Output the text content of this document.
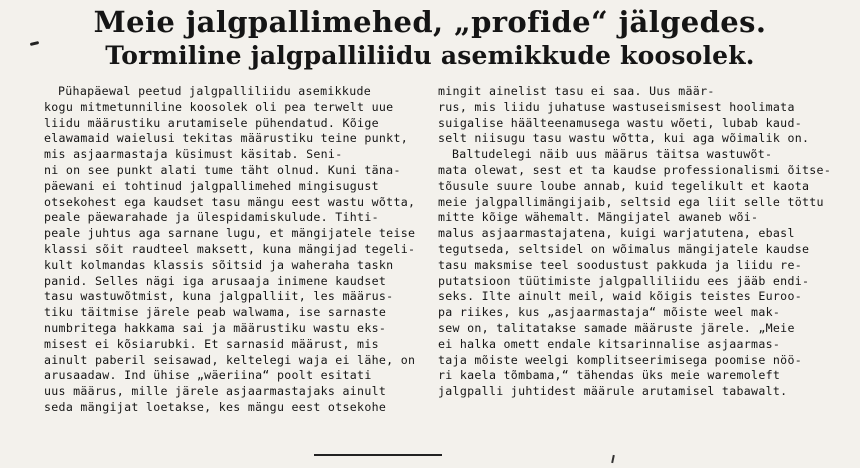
Meie jalgpallimehed, „profide“ jälgedes.
Tormiline jalgpalliliidu asemikkude koosolek.
Pühapäewal peetud jalgpalliliidu asemikkude
kogu mitmetunniline koosolek oli pea terwelt uue
liidu määrustiku arutamisele pühendatud. Kõige
elawamaid waielusi tekitas määrustiku teine punkt,
mis asjaarmastaja küsimust käsitab. Seni-
ni on see punkt alati tume täht olnud. Kuni täna-
päewani ei tohtinud jalgpallimehed mingisugust
otsekohest ega kaudset tasu mängu eest wastu wõtta,
peale päewarahade ja ülespidamiskulude. Tihti-
peale juhtus aga sarnane lugu, et mängijatele teise
klassi sõit raudteel maksett, kuna mängijad tegeli-
kult kolmandas klassis sõitsid ja waheraha taskn
panid. Selles nägi iga arusaaja inimene kaudset
tasu wastuwõtmist, kuna jalgpalliit, les määrus-
tiku täitmise järele peab walwama, ise sarnaste
numbritega hakkama sai ja määrustiku wastu eks-
misest ei kõsiarubki. Et sarnasid määrust, mis
ainult paberil seisawad, keltelegi waja ei lähe, on
arusaadaw. Ind ühise „wäeriina“ poolt esitati
uus määrus, mille järele asjaarmastajaks ainult
seda mängijat loetakse, kes mängu eest otsekohe
mingit ainelist tasu ei saa. Uus määr-
rus, mis liidu juhatuse wastuseismisest hoolimata
suigalise häälteenamusega wastu wõeti, lubab kaud-
selt niisugu tasu wastu wõtta, kui aga wõimalik on.
Baltudelegi näib uus määrus täitsa wastuwõt-
mata olewat, sest et ta kaudse professionalismi õitse-
tõusule suure loube annab, kuid tegelikult et kaota
meie jalgpallimängijaib, seltsid ega liit selle töttu
mitte kõige wähemalt. Mängijatel awaneb wõi-
malus asjaarmastajatena, kuigi warjatutena, ebasl
tegutseda, seltsidel on wõimalus mängijatele kaudse
tasu maksmise teel soodustust pakkuda ja liidu re-
putatsioon tüütimiste jalgpalliliidu ees jääb endi-
seks. Ilte ainult meil, waid kõigis teistes Euroo-
pa riikes, kus „asjaarmastaja“ mõiste weel mak-
sew on, talitatakse samade määruste järele. „Meie
ei halka omett endale kitsarinnalise asjaarmas-
taja mõiste weelgi komplitseerimisega poomise nöö-
ri kaela tõmbama,“ tähendas üks meie waremoleft
jalgpalli juhtidest määrule arutamisel tabawalt.
